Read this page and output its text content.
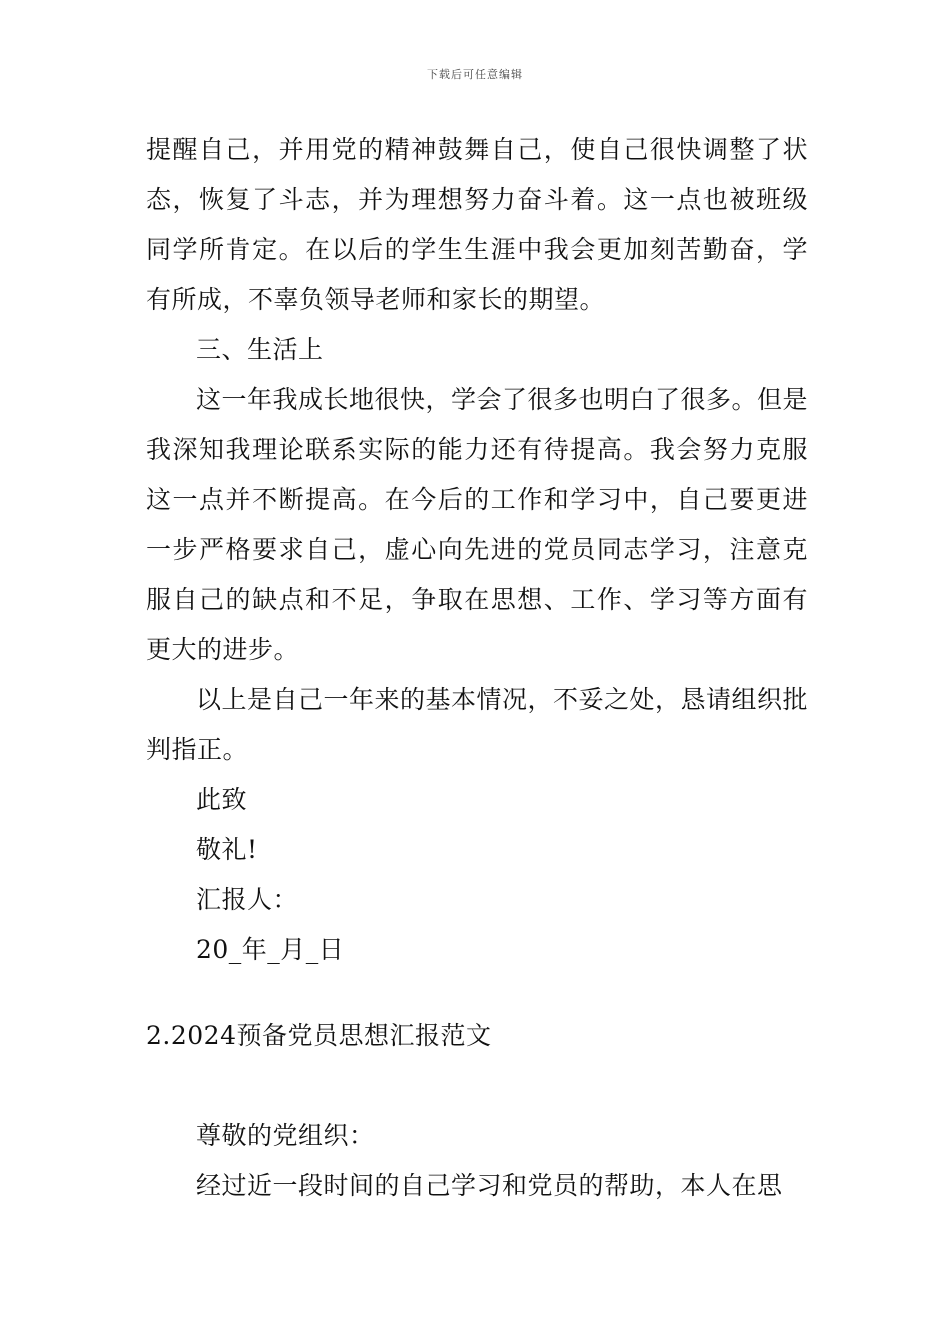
下载后可任意编辑

提醒自己，并用党的精神鼓舞自己，使自己很快调整了状态，恢复了斗志，并为理想努力奋斗着。这一点也被班级同学所肯定。在以后的学生生涯中我会更加刻苦勤奋，学有所成，不辜负领导老师和家长的期望。

三、生活上

这一年我成长地很快，学会了很多也明白了很多。但是我深知我理论联系实际的能力还有待提高。我会努力克服这一点并不断提高。在今后的工作和学习中，自己要更进一步严格要求自己，虚心向先进的党员同志学习，注意克服自己的缺点和不足，争取在思想、工作、学习等方面有更大的进步。

以上是自己一年来的基本情况，不妥之处，恳请组织批判指正。

此致

敬礼!

汇报人：

20_年_月_日

2.2024预备党员思想汇报范文

尊敬的党组织：

经过近一段时间的自己学习和党员的帮助，本人在思
